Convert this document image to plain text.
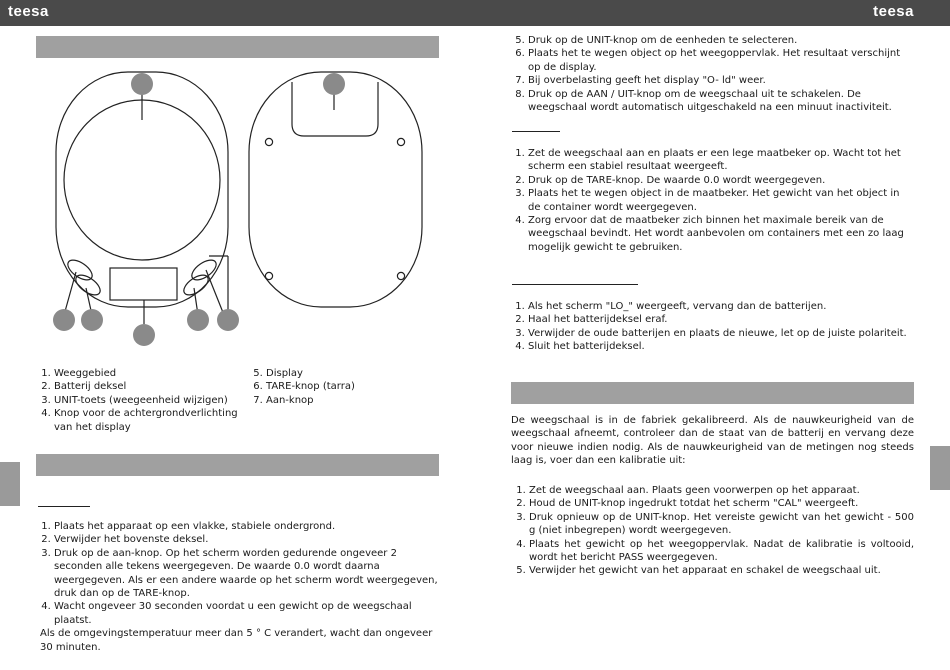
teesa	teesa
1. Weeggebied
2. Batterij deksel
3. UNIT-toets (weegeenheid wijzigen)
4. Knop voor de achtergrondverlichting van het display
5. Display
6. TARE-knop (tarra)
7. Aan-knop
1. Plaats het apparaat op een vlakke, stabiele ondergrond.
2. Verwijder het bovenste deksel.
3. Druk op de aan-knop. Op het scherm worden gedurende ongeveer 2 seconden alle tekens weergegeven. De waarde 0.0 wordt daarna weergegeven. Als er een andere waarde op het scherm wordt weergegeven, druk dan op de TARE-knop.
4. Wacht ongeveer 30 seconden voordat u een gewicht op de weegschaal plaatst.
Als de omgevingstemperatuur meer dan 5 ° C verandert, wacht dan ongeveer 30 minuten.
5. Druk op de UNIT-knop om de eenheden te selecteren.
6. Plaats het te wegen object op het weegoppervlak. Het resultaat verschijnt op de display.
7. Bij overbelasting geeft het display "O- ld" weer.
8. Druk op de AAN / UIT-knop om de weegschaal uit te schakelen. De weegschaal wordt automatisch uitgeschakeld na een minuut inactiviteit.
1. Zet de weegschaal aan en plaats er een lege maatbeker op. Wacht tot het scherm een stabiel resultaat weergeeft.
2. Druk op de TARE-knop. De waarde 0.0 wordt weergegeven.
3. Plaats het te wegen object in de maatbeker. Het gewicht van het object in de container wordt weergegeven.
4. Zorg ervoor dat de maatbeker zich binnen het maximale bereik van de weegschaal bevindt. Het wordt aanbevolen om containers met een zo laag mogelijk gewicht te gebruiken.
1. Als het scherm "LO_" weergeeft, vervang dan de batterijen.
2. Haal het batterijdeksel eraf.
3. Verwijder de oude batterijen en plaats de nieuwe, let op de juiste polariteit.
4. Sluit het batterijdeksel.
De weegschaal is in de fabriek gekalibreerd. Als de nauwkeurigheid van de weegschaal afneemt, controleer dan de staat van de batterij en vervang deze voor nieuwe indien nodig. Als de nauwkeurigheid van de metingen nog steeds laag is, voer dan een kalibratie uit:
1. Zet de weegschaal aan. Plaats geen voorwerpen op het apparaat.
2. Houd de UNIT-knop ingedrukt totdat het scherm "CAL" weergeeft.
3. Druk opnieuw op de UNIT-knop. Het vereiste gewicht van het gewicht - 500 g (niet inbegrepen) wordt weergegeven.
4. Plaats het gewicht op het weegoppervlak. Nadat de kalibratie is voltooid, wordt het bericht PASS weergegeven.
5. Verwijder het gewicht van het apparaat en schakel de weegschaal uit.
